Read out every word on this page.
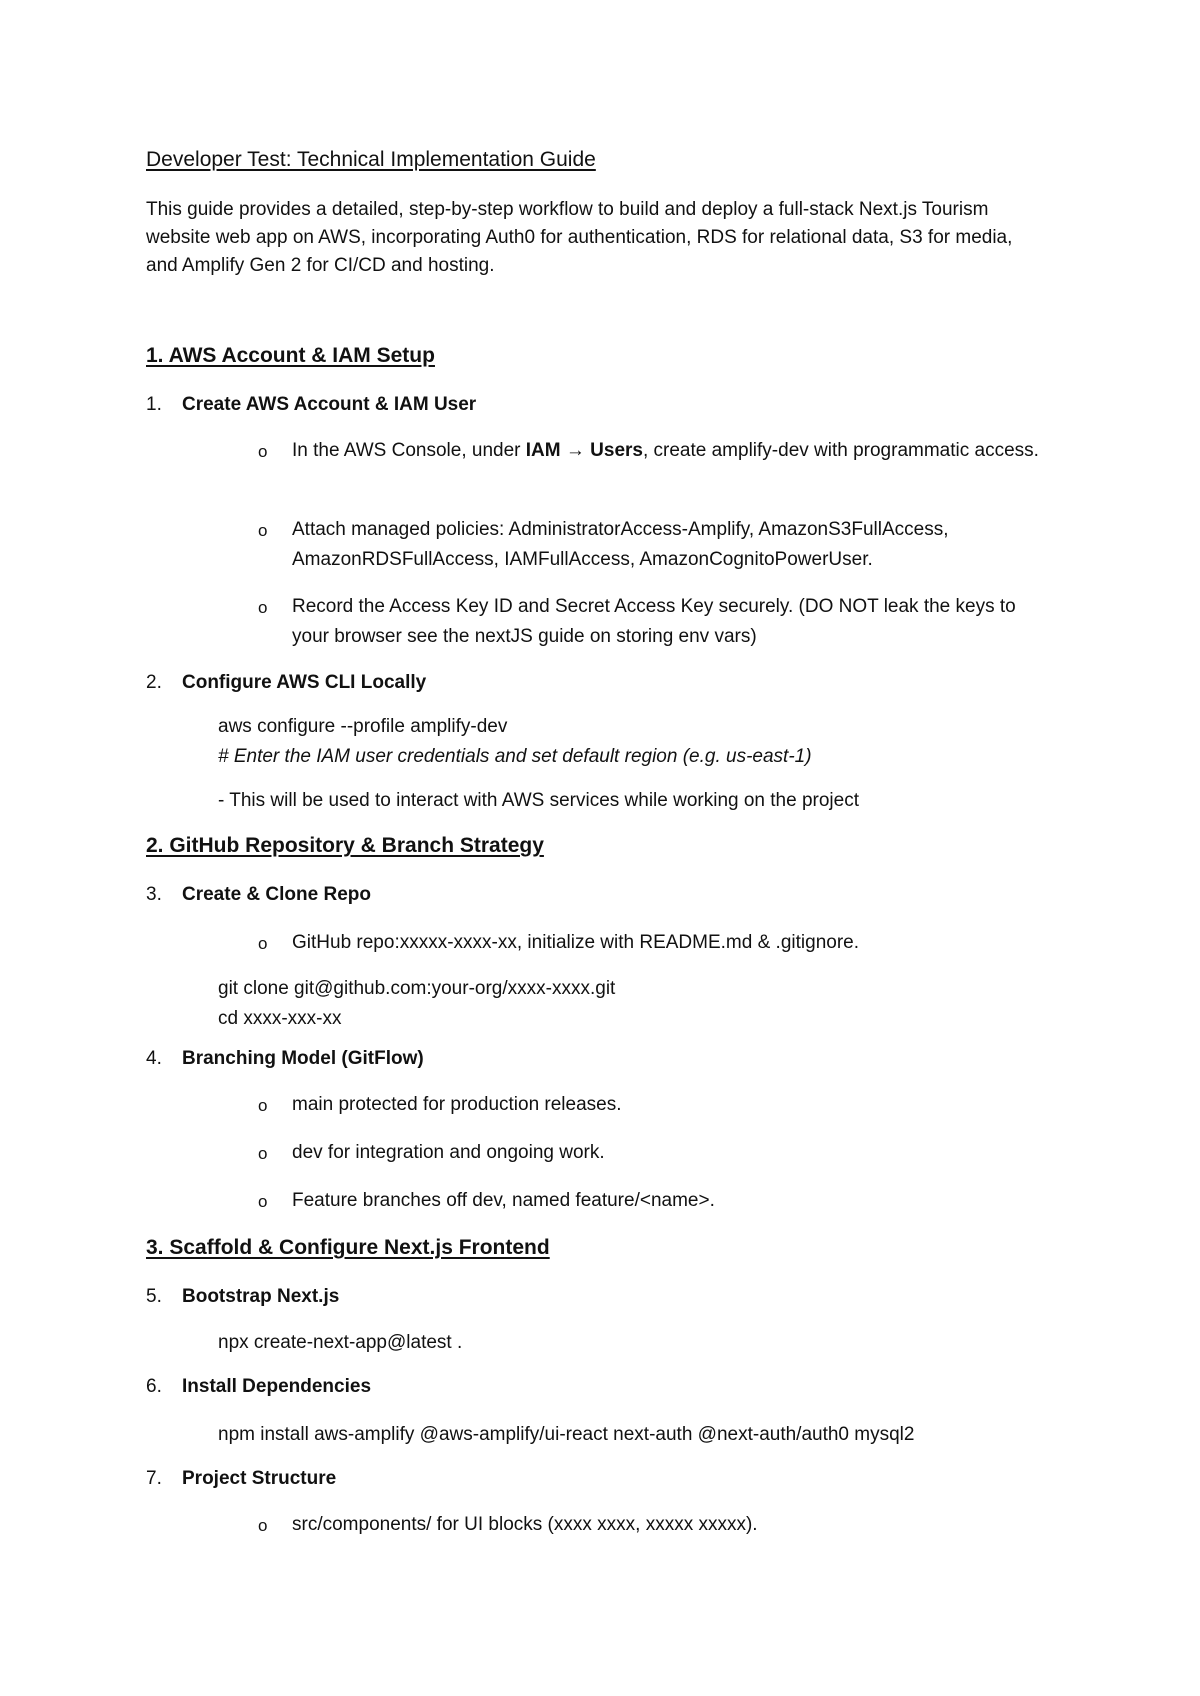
Developer Test: Technical Implementation Guide
This guide provides a detailed, step-by-step workflow to build and deploy a full-stack Next.js Tourism website web app on AWS, incorporating Auth0 for authentication, RDS for relational data, S3 for media, and Amplify Gen 2 for CI/CD and hosting.
1. AWS Account & IAM Setup
1. Create AWS Account & IAM User
o In the AWS Console, under IAM → Users, create amplify-dev with programmatic access.
o Attach managed policies: AdministratorAccess-Amplify, AmazonS3FullAccess, AmazonRDSFullAccess, IAMFullAccess, AmazonCognitoPowerUser.
o Record the Access Key ID and Secret Access Key securely. (DO NOT leak the keys to your browser see the nextJS guide on storing env vars)
2. Configure AWS CLI Locally
aws configure --profile amplify-dev
# Enter the IAM user credentials and set default region (e.g. us-east-1)
- This will be used to interact with AWS services while working on the project
2. GitHub Repository & Branch Strategy
3. Create & Clone Repo
o GitHub repo:xxxxx-xxxx-xx, initialize with README.md & .gitignore.
git clone git@github.com:your-org/xxxx-xxxx.git
cd xxxx-xxx-xx
4. Branching Model (GitFlow)
o main protected for production releases.
o dev for integration and ongoing work.
o Feature branches off dev, named feature/<name>.
3. Scaffold & Configure Next.js Frontend
5. Bootstrap Next.js
npx create-next-app@latest .
6. Install Dependencies
npm install aws-amplify @aws-amplify/ui-react next-auth @next-auth/auth0 mysql2
7. Project Structure
o src/components/ for UI blocks (xxxx xxxx, xxxxx xxxxx).
